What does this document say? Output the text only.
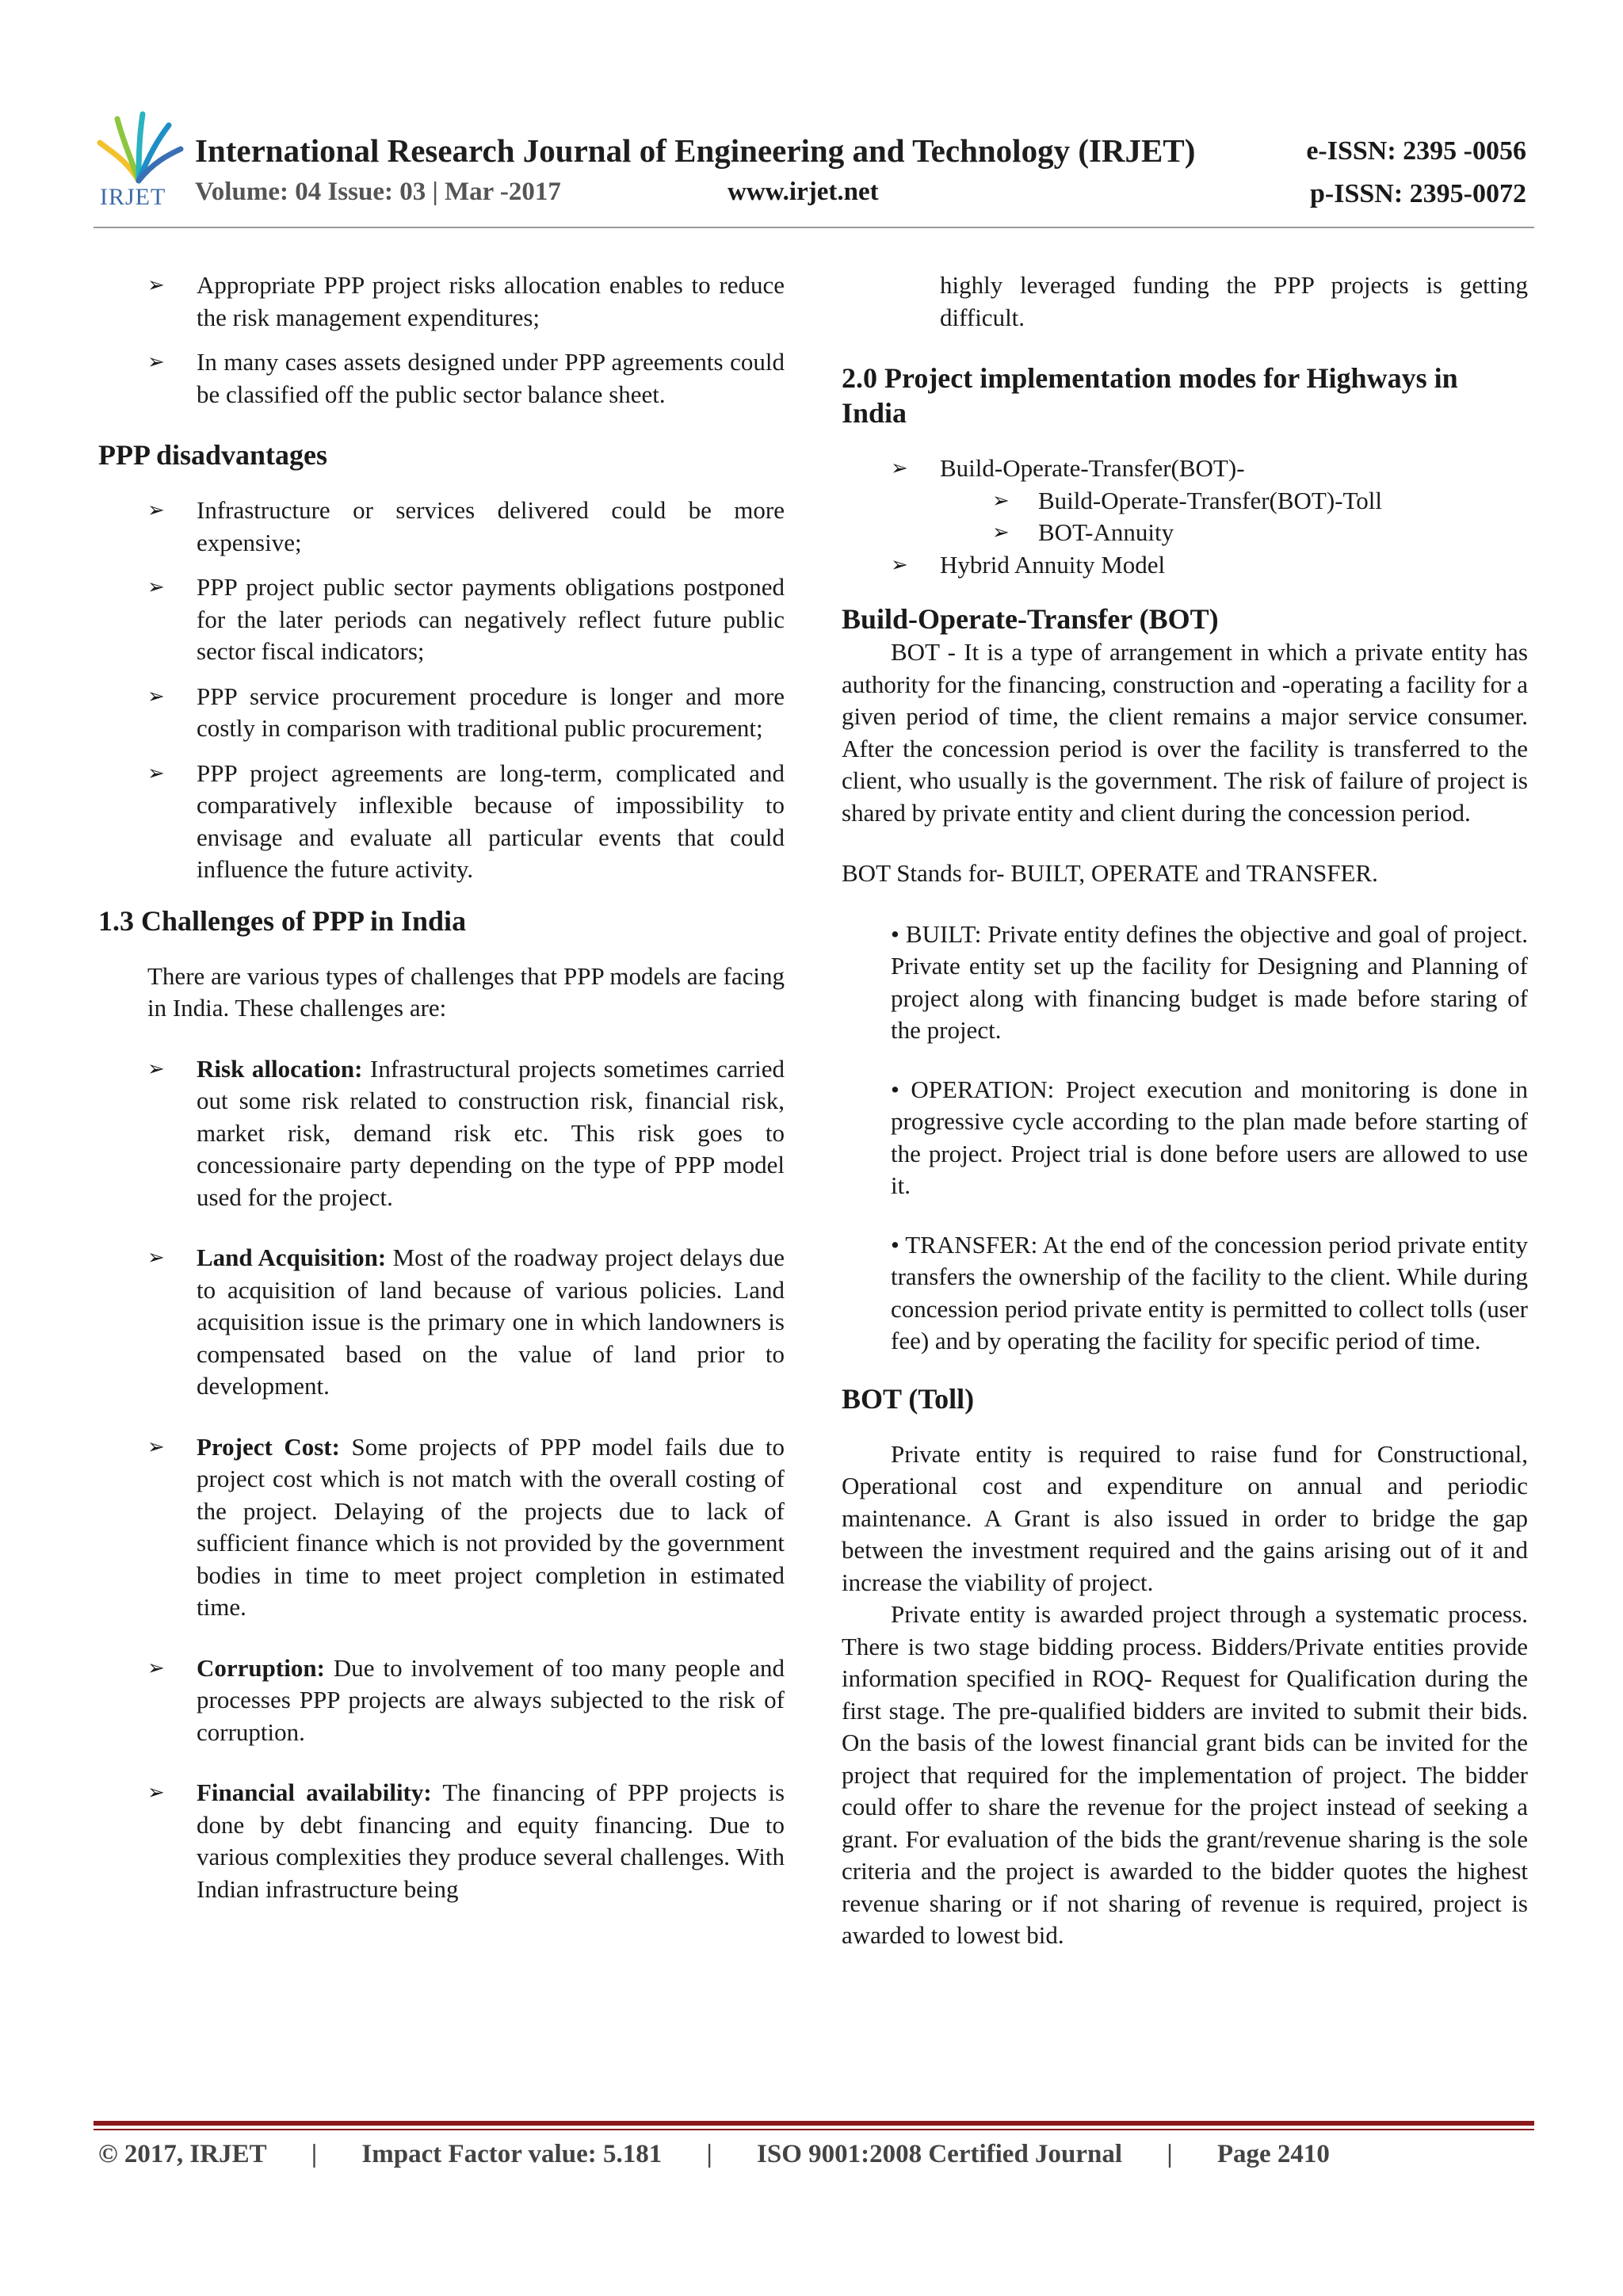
IRJET
International Research Journal of Engineering and Technology (IRJET)	e-ISSN: 2395 -0056
Volume: 04 Issue: 03 | Mar -2017	www.irjet.net	p-ISSN: 2395-0072

➢ Appropriate PPP project risks allocation enables to reduce the risk management expenditures;

➢ In many cases assets designed under PPP agreements could be classified off the public sector balance sheet.

PPP disadvantages

➢ Infrastructure or services delivered could be more expensive;

➢ PPP project public sector payments obligations postponed for the later periods can negatively reflect future public sector fiscal indicators;

➢ PPP service procurement procedure is longer and more costly in comparison with traditional public procurement;

➢ PPP project agreements are long-term, complicated and comparatively inflexible because of impossibility to envisage and evaluate all particular events that could influence the future activity.

1.3 Challenges of PPP in India

There are various types of challenges that PPP models are facing in India. These challenges are:

➢ Risk allocation: Infrastructural projects sometimes carried out some risk related to construction risk, financial risk, market risk, demand risk etc. This risk goes to concessionaire party depending on the type of PPP model used for the project.

➢ Land Acquisition: Most of the roadway project delays due to acquisition of land because of various policies. Land acquisition issue is the primary one in which landowners is compensated based on the value of land prior to development.

➢ Project Cost: Some projects of PPP model fails due to project cost which is not match with the overall costing of the project. Delaying of the projects due to lack of sufficient finance which is not provided by the government bodies in time to meet project completion in estimated time.

➢ Corruption: Due to involvement of too many people and processes PPP projects are always subjected to the risk of corruption.

➢ Financial availability: The financing of PPP projects is done by debt financing and equity financing. Due to various complexities they produce several challenges. With Indian infrastructure being

highly leveraged funding the PPP projects is getting difficult.

2.0 Project implementation modes for Highways in India

➢ Build-Operate-Transfer(BOT)-

➢ Build-Operate-Transfer(BOT)-Toll

➢ BOT-Annuity

➢ Hybrid Annuity Model

Build-Operate-Transfer (BOT)

BOT - It is a type of arrangement in which a private entity has authority for the financing, construction and -operating a facility for a given period of time, the client remains a major service consumer. After the concession period is over the facility is transferred to the client, who usually is the government. The risk of failure of project is shared by private entity and client during the concession period.

BOT Stands for- BUILT, OPERATE and TRANSFER.

• BUILT: Private entity defines the objective and goal of project. Private entity set up the facility for Designing and Planning of project along with financing budget is made before staring of the project.

• OPERATION: Project execution and monitoring is done in progressive cycle according to the plan made before starting of the project. Project trial is done before users are allowed to use it.

• TRANSFER: At the end of the concession period private entity transfers the ownership of the facility to the client. While during concession period private entity is permitted to collect tolls (user fee) and by operating the facility for specific period of time.

BOT (Toll)

Private entity is required to raise fund for Constructional, Operational cost and expenditure on annual and periodic maintenance. A Grant is also issued in order to bridge the gap between the investment required and the gains arising out of it and increase the viability of project.

Private entity is awarded project through a systematic process. There is two stage bidding process. Bidders/Private entities provide information specified in ROQ- Request for Qualification during the first stage. The pre-qualified bidders are invited to submit their bids. On the basis of the lowest financial grant bids can be invited for the project that required for the implementation of project. The bidder could offer to share the revenue for the project instead of seeking a grant. For evaluation of the bids the grant/revenue sharing is the sole criteria and the project is awarded to the bidder quotes the highest revenue sharing or if not sharing of revenue is required, project is awarded to lowest bid.

© 2017, IRJET | Impact Factor value: 5.181 | ISO 9001:2008 Certified Journal | Page 2410
